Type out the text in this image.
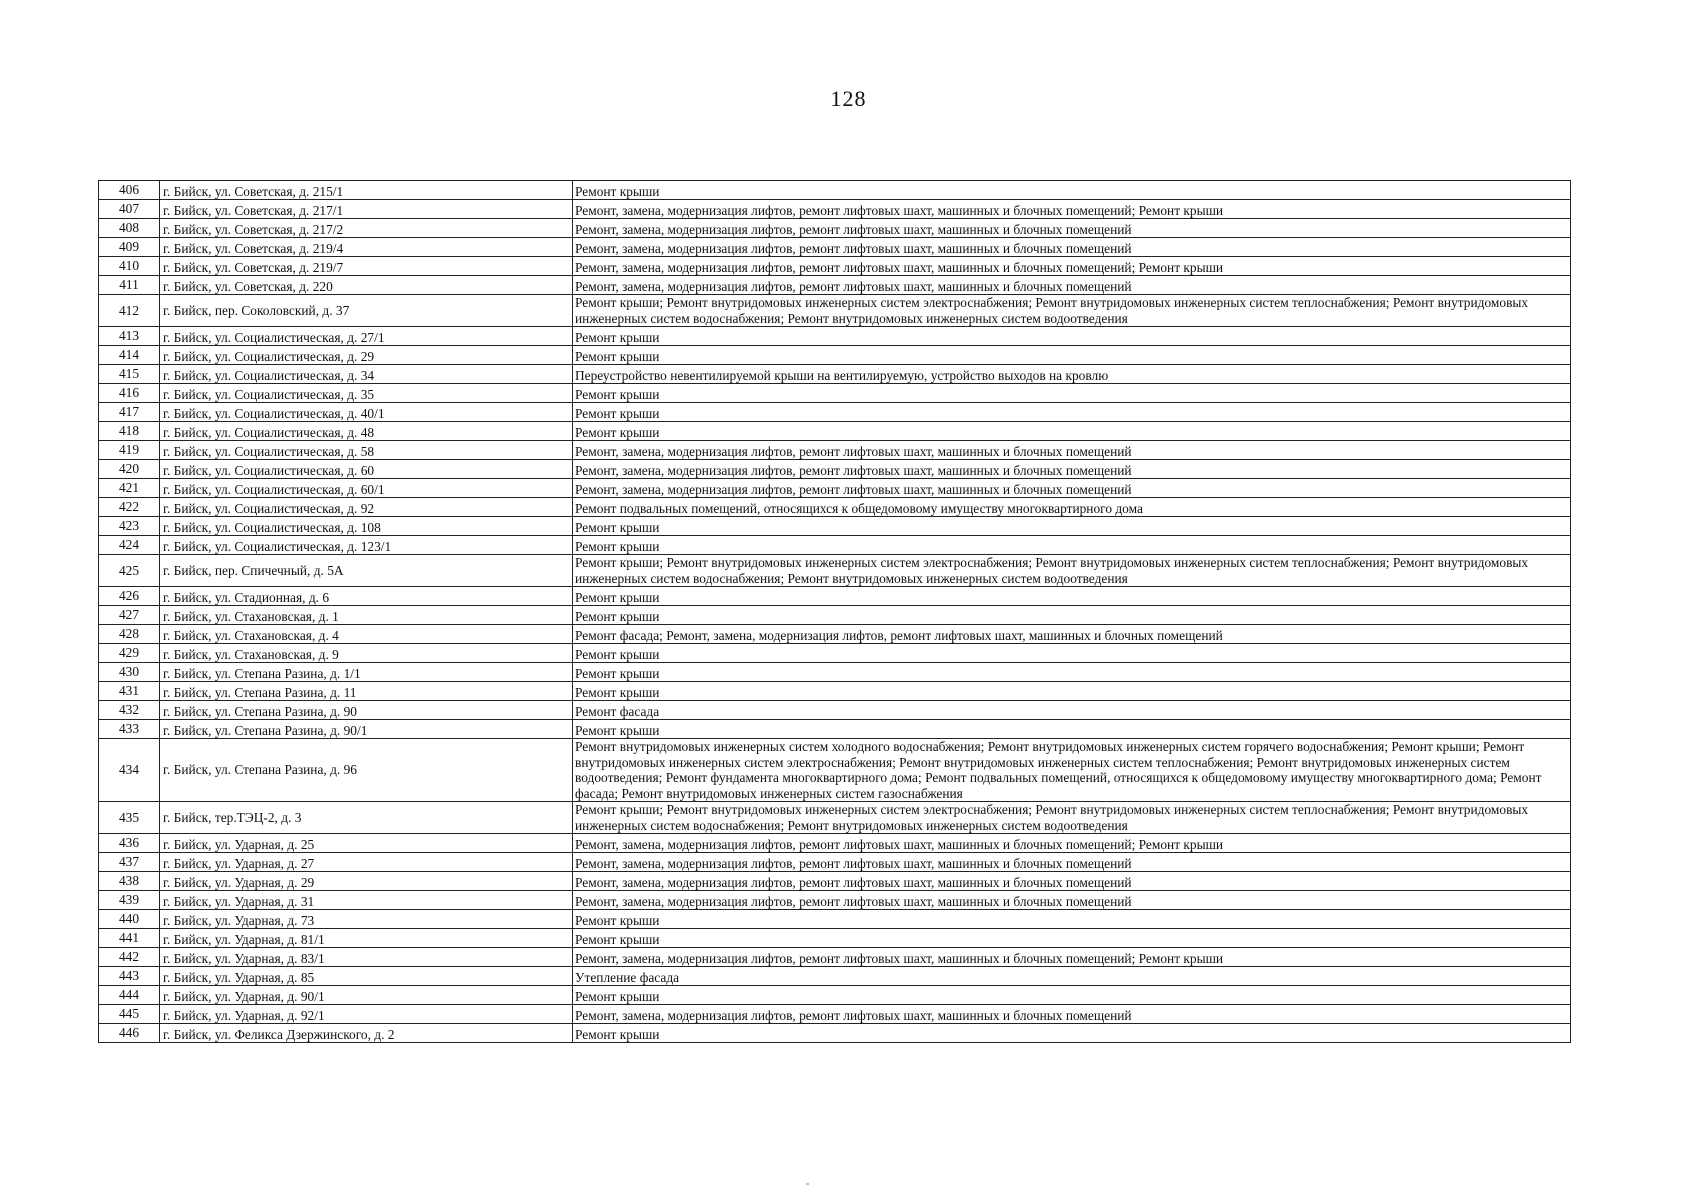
128
406	г. Бийск, ул. Советская, д. 215/1	Ремонт крыши
407	г. Бийск, ул. Советская, д. 217/1	Ремонт, замена, модернизация лифтов, ремонт лифтовых шахт, машинных и блочных помещений; Ремонт крыши
408	г. Бийск, ул. Советская, д. 217/2	Ремонт, замена, модернизация лифтов, ремонт лифтовых шахт, машинных и блочных помещений
409	г. Бийск, ул. Советская, д. 219/4	Ремонт, замена, модернизация лифтов, ремонт лифтовых шахт, машинных и блочных помещений
410	г. Бийск, ул. Советская, д. 219/7	Ремонт, замена, модернизация лифтов, ремонт лифтовых шахт, машинных и блочных помещений; Ремонт крыши
411	г. Бийск, ул. Советская, д. 220	Ремонт, замена, модернизация лифтов, ремонт лифтовых шахт, машинных и блочных помещений
412	г. Бийск, пер. Соколовский, д. 37	Ремонт крыши; Ремонт внутридомовых инженерных систем электроснабжения; Ремонт внутридомовых инженерных систем теплоснабжения; Ремонт внутридомовых инженерных систем водоснабжения; Ремонт внутридомовых инженерных систем водоотведения
413	г. Бийск, ул. Социалистическая, д. 27/1	Ремонт крыши
414	г. Бийск, ул. Социалистическая, д. 29	Ремонт крыши
415	г. Бийск, ул. Социалистическая, д. 34	Переустройство невентилируемой крыши на вентилируемую, устройство выходов на кровлю
416	г. Бийск, ул. Социалистическая, д. 35	Ремонт крыши
417	г. Бийск, ул. Социалистическая, д. 40/1	Ремонт крыши
418	г. Бийск, ул. Социалистическая, д. 48	Ремонт крыши
419	г. Бийск, ул. Социалистическая, д. 58	Ремонт, замена, модернизация лифтов, ремонт лифтовых шахт, машинных и блочных помещений
420	г. Бийск, ул. Социалистическая, д. 60	Ремонт, замена, модернизация лифтов, ремонт лифтовых шахт, машинных и блочных помещений
421	г. Бийск, ул. Социалистическая, д. 60/1	Ремонт, замена, модернизация лифтов, ремонт лифтовых шахт, машинных и блочных помещений
422	г. Бийск, ул. Социалистическая, д. 92	Ремонт подвальных помещений, относящихся к общедомовому имуществу многоквартирного дома
423	г. Бийск, ул. Социалистическая, д. 108	Ремонт крыши
424	г. Бийск, ул. Социалистическая, д. 123/1	Ремонт крыши
425	г. Бийск, пер. Спичечный, д. 5А	Ремонт крыши; Ремонт внутридомовых инженерных систем электроснабжения; Ремонт внутридомовых инженерных систем теплоснабжения; Ремонт внутридомовых инженерных систем водоснабжения; Ремонт внутридомовых инженерных систем водоотведения
426	г. Бийск, ул. Стадионная, д. 6	Ремонт крыши
427	г. Бийск, ул. Стахановская, д. 1	Ремонт крыши
428	г. Бийск, ул. Стахановская, д. 4	Ремонт фасада; Ремонт, замена, модернизация лифтов, ремонт лифтовых шахт, машинных и блочных помещений
429	г. Бийск, ул. Стахановская, д. 9	Ремонт крыши
430	г. Бийск, ул. Степана Разина, д. 1/1	Ремонт крыши
431	г. Бийск, ул. Степана Разина, д. 11	Ремонт крыши
432	г. Бийск, ул. Степана Разина, д. 90	Ремонт фасада
433	г. Бийск, ул. Степана Разина, д. 90/1	Ремонт крыши
434	г. Бийск, ул. Степана Разина, д. 96	Ремонт внутридомовых инженерных систем холодного водоснабжения; Ремонт внутридомовых инженерных систем горячего водоснабжения; Ремонт крыши; Ремонт внутридомовых инженерных систем электроснабжения; Ремонт внутридомовых инженерных систем теплоснабжения; Ремонт внутридомовых инженерных систем водоотведения; Ремонт фундамента многоквартирного дома; Ремонт подвальных помещений, относящихся к общедомовому имуществу многоквартирного дома; Ремонт фасада; Ремонт внутридомовых инженерных систем газоснабжения
435	г. Бийск, тер.ТЭЦ-2, д. 3	Ремонт крыши; Ремонт внутридомовых инженерных систем электроснабжения; Ремонт внутридомовых инженерных систем теплоснабжения; Ремонт внутридомовых инженерных систем водоснабжения; Ремонт внутридомовых инженерных систем водоотведения
436	г. Бийск, ул. Ударная, д. 25	Ремонт, замена, модернизация лифтов, ремонт лифтовых шахт, машинных и блочных помещений; Ремонт крыши
437	г. Бийск, ул. Ударная, д. 27	Ремонт, замена, модернизация лифтов, ремонт лифтовых шахт, машинных и блочных помещений
438	г. Бийск, ул. Ударная, д. 29	Ремонт, замена, модернизация лифтов, ремонт лифтовых шахт, машинных и блочных помещений
439	г. Бийск, ул. Ударная, д. 31	Ремонт, замена, модернизация лифтов, ремонт лифтовых шахт, машинных и блочных помещений
440	г. Бийск, ул. Ударная, д. 73	Ремонт крыши
441	г. Бийск, ул. Ударная, д. 81/1	Ремонт крыши
442	г. Бийск, ул. Ударная, д. 83/1	Ремонт, замена, модернизация лифтов, ремонт лифтовых шахт, машинных и блочных помещений; Ремонт крыши
443	г. Бийск, ул. Ударная, д. 85	Утепление фасада
444	г. Бийск, ул. Ударная, д. 90/1	Ремонт крыши
445	г. Бийск, ул. Ударная, д. 92/1	Ремонт, замена, модернизация лифтов, ремонт лифтовых шахт, машинных и блочных помещений
446	г. Бийск, ул. Феликса Дзержинского, д. 2	Ремонт крыши
